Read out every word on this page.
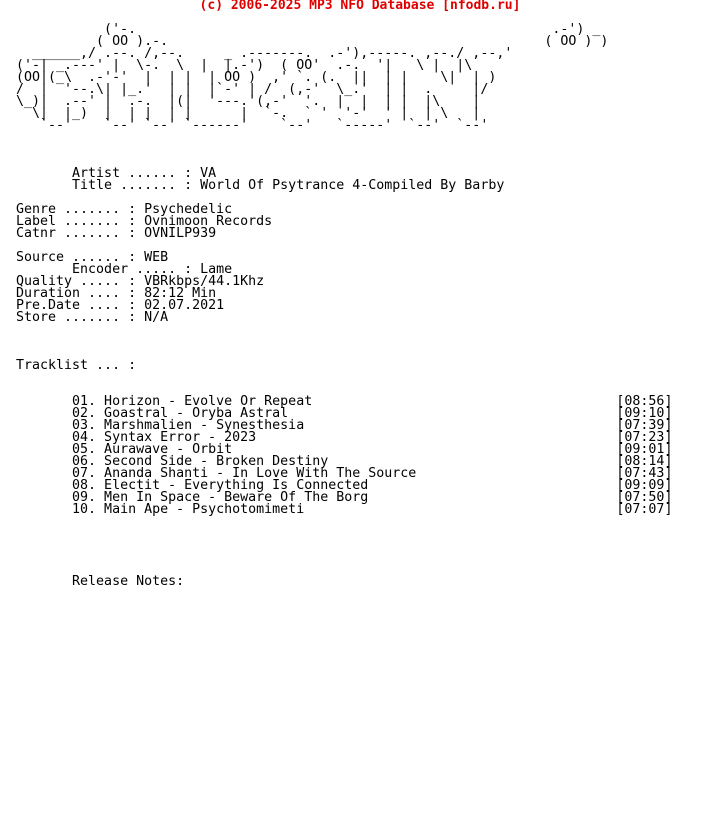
(c) 2006-2025 MP3 NFO Database [nfodb.ru]
('-.                                                    .-') _
( OO ).-.                                               ( OO ) )
______,/ .--. /,--.     _ .-------.  .-'),-----. ,--./ ,--,'
('-| _.---' |  \-.  \  |  |.-')  ( OO'  .-.  '|   \ |  |\
(OO|(_\  .-'-'  |  | |  | OO )  ,' `. (.  ||  | |    \|  | )
/  |  '--.\| |_.'  | |  |`-' | /  (,-'  \_.'  | |  .     |/
\_)|  .--' |  .-.  |(|  '---.'(,-'  '.  |  |  | |  |\    |
\|  |_)  |  | |  | |      |  `-.  ` '  '-'  ' |  | \   |
`--'    `--' `--' `------'    `--'   `-----'  `--'  `--'
Artist ...... : VA
Title ....... : World Of Psytrance 4-Compiled By Barby
Genre ....... : Psychedelic
Label ....... : Ovnimoon Records
Catnr ....... : OVNILP939
Source ...... : WEB
Encoder ..... : Lame
Quality ..... : VBRkbps/44.1Khz
Duration .... : 82:12 Min
Pre.Date .... : 02.07.2021
Store ....... : N/A
Tracklist ... :
01. Horizon - Evolve Or Repeat                                      [08:56]
02. Goastral - Oryba Astral                                         [09:10]
03. Marshmalien - Synesthesia                                       [07:39]
04. Syntax Error - 2023                                             [07:23]
05. Aurawave - Orbit                                                [09:01]
06. Second Side - Broken Destiny                                    [08:14]
07. Ananda Shanti - In Love With The Source                         [07:43]
08. Electit - Everything Is Connected                               [09:09]
09. Men In Space - Beware Of The Borg                               [07:50]
10. Main Ape - Psychotomimeti                                       [07:07]
Release Notes:
